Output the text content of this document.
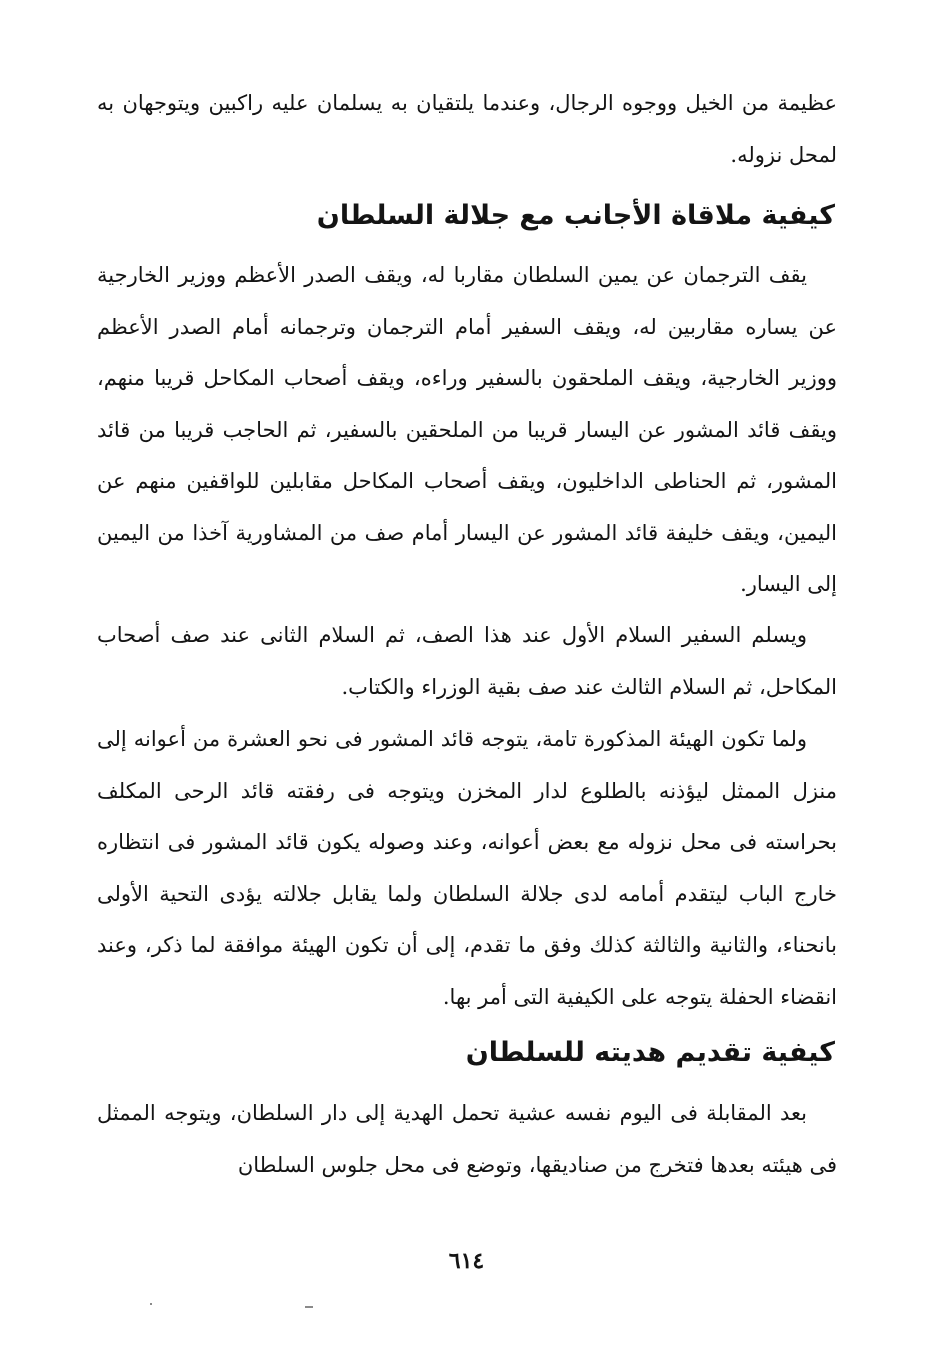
عظيمة من الخيل ووجوه الرجال، وعندما يلتقيان به يسلمان عليه راكبين ويتوجهان به لمحل نزوله.

كيفية ملاقاة الأجانب مع جلالة السلطان

يقف الترجمان عن يمين السلطان مقاربا له، ويقف الصدر الأعظم ووزير الخارجية عن يساره مقاربين له، ويقف السفير أمام الترجمان وترجمانه أمام الصدر الأعظم ووزير الخارجية، ويقف الملحقون بالسفير وراءه، ويقف أصحاب المكاحل قريبا منهم، ويقف قائد المشور عن اليسار قريبا من الملحقين بالسفير، ثم الحاجب قريبا من قائد المشور، ثم الحناطى الداخليون، ويقف أصحاب المكاحل مقابلين للواقفين منهم عن اليمين، ويقف خليفة قائد المشور عن اليسار أمام صف من المشاورية آخذا من اليمين إلى اليسار.

ويسلم السفير السلام الأول عند هذا الصف، ثم السلام الثانى عند صف أصحاب المكاحل، ثم السلام الثالث عند صف بقية الوزراء والكتاب.

ولما تكون الهيئة المذكورة تامة، يتوجه قائد المشور فى نحو العشرة من أعوانه إلى منزل الممثل ليؤذنه بالطلوع لدار المخزن ويتوجه فى رفقته قائد الرحى المكلف بحراسته فى محل نزوله مع بعض أعوانه، وعند وصوله يكون قائد المشور فى انتظاره خارج الباب ليتقدم أمامه لدى جلالة السلطان ولما يقابل جلالته يؤدى التحية الأولى بانحناء، والثانية والثالثة كذلك وفق ما تقدم، إلى أن تكون الهيئة موافقة لما ذكر، وعند انقضاء الحفلة يتوجه على الكيفية التى أمر بها.

كيفية تقديم هديته للسلطان

بعد المقابلة فى اليوم نفسه عشية تحمل الهدية إلى دار السلطان، ويتوجه الممثل فى هيئته بعدها فتخرج من صناديقها، وتوضع فى محل جلوس السلطان

٦١٤
